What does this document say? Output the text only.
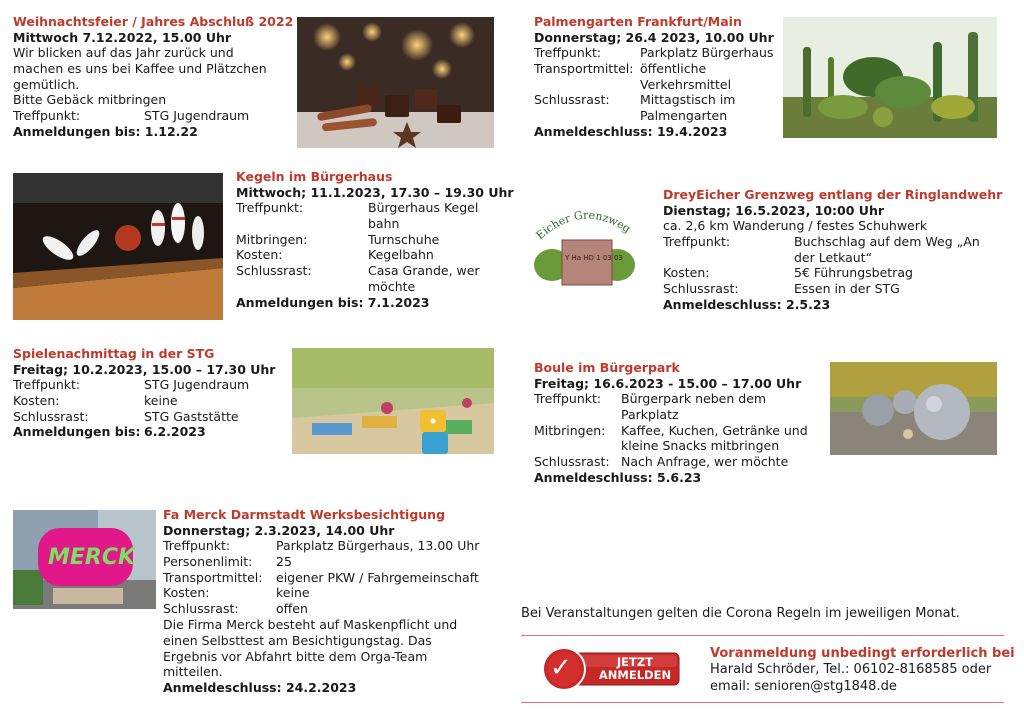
Weihnachtsfeier / Jahres Abschluß 2022
Mittwoch 7.12.2022, 15.00 Uhr
Wir blicken auf das Jahr zurück und
machen es uns bei Kaffee und Plätzchen
gemütlich.
Bitte Gebäck mitbringen
Treffpunkt:	STG Jugendraum
Anmeldungen bis: 1.12.22
Palmengarten Frankfurt/Main
Donnerstag; 26.4 2023, 10.00 Uhr
Treffpunkt:	Parkplatz Bürgerhaus
Transportmittel: öffentliche Verkehrsmittel
Schlussrast:	Mittagstisch im Palmengarten
Anmeldeschluss: 19.4.2023
Kegeln im Bürgerhaus
Mittwoch; 11.1.2023, 17.30 – 19.30 Uhr
Treffpunkt:	Bürgerhaus Kegel bahn
Mitbringen:	Turnschuhe
Kosten:	Kegelbahn
Schlussrast:	Casa Grande, wer möchte
Anmeldungen bis: 7.1.2023
Eicher Grenzweg
Y Ha HD 1 03 03
DreyEicher Grenzweg entlang der Ringlandwehr
Dienstag; 16.5.2023, 10:00 Uhr
ca. 2,6 km Wanderung / festes Schuhwerk
Treffpunkt:	Buchschlag auf dem Weg „An der Letkaut“
Kosten:	5€ Führungsbetrag
Schlussrast:	Essen in der STG
Anmeldeschluss: 2.5.23
Spielenachmittag in der STG
Freitag; 10.2.2023, 15.00 – 17.30 Uhr
Treffpunkt:	STG Jugendraum
Kosten:	keine
Schlussrast:	STG Gaststätte
Anmeldungen bis: 6.2.2023
Boule im Bürgerpark
Freitag; 16.6.2023 - 15.00 – 17.00 Uhr
Treffpunkt:	Bürgerpark neben dem Parkplatz
Mitbringen:	Kaffee, Kuchen, Getränke und kleine Snacks mitbringen
Schlussrast: Nach Anfrage, wer möchte
Anmeldeschluss: 5.6.23
MERCK
Fa Merck Darmstadt Werksbesichtigung
Donnerstag; 2.3.2023, 14.00 Uhr
Treffpunkt:	Parkplatz Bürgerhaus, 13.00 Uhr
Personenlimit:	25
Transportmittel:	eigener PKW / Fahrgemeinschaft
Kosten:	keine
Schlussrast:	offen
Die Firma Merck besteht auf Maskenpflicht und
einen Selbsttest am Besichtigungstag. Das
Ergebnis vor Abfahrt bitte dem Orga-Team
mitteilen.
Anmeldeschluss: 24.2.2023
Bei Veranstaltungen gelten die Corona Regeln im jeweiligen Monat.
✓	JETZT
ANMELDEN
Voranmeldung unbedingt erforderlich bei
Harald Schröder, Tel.: 06102-8168585 oder
email: senioren@stg1848.de
